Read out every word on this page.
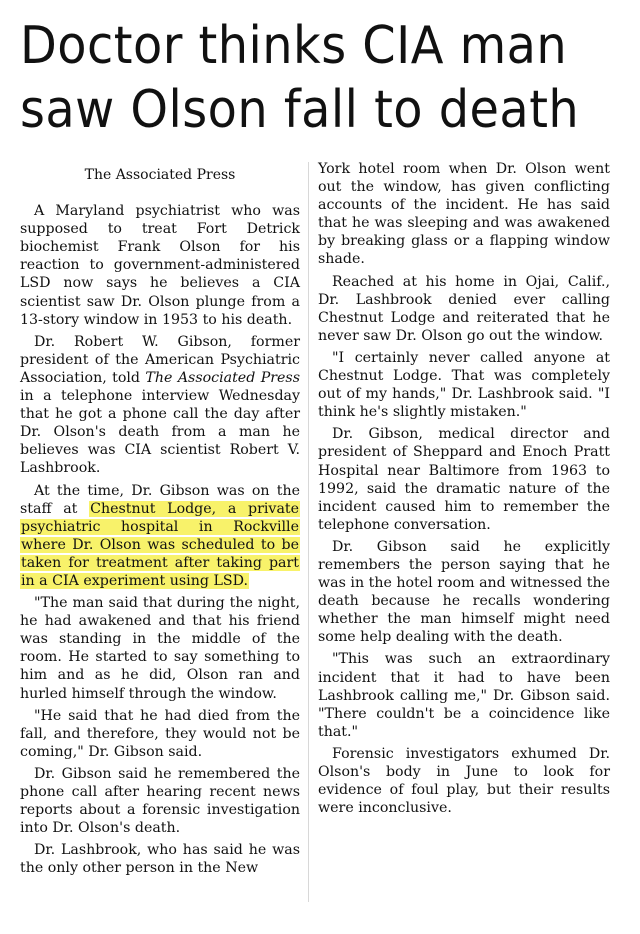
Doctor thinks CIA man
saw Olson fall to death
The Associated Press

A Maryland psychiatrist who was supposed to treat Fort Detrick biochemist Frank Olson for his reaction to government-administered LSD now says he believes a CIA scientist saw Dr. Olson plunge from a 13-story window in 1953 to his death.

Dr. Robert W. Gibson, former president of the American Psychiatric Association, told The Associated Press in a telephone interview Wednesday that he got a phone call the day after Dr. Olson's death from a man he believes was CIA scientist Robert V. Lashbrook.

At the time, Dr. Gibson was on the staff at Chestnut Lodge, a private psychiatric hospital in Rockville where Dr. Olson was scheduled to be taken for treatment after taking part in a CIA experiment using LSD.

"The man said that during the night, he had awakened and that his friend was standing in the middle of the room. He started to say something to him and as he did, Olson ran and hurled himself through the window.

"He said that he had died from the fall, and therefore, they would not be coming," Dr. Gibson said.

Dr. Gibson said he remembered the phone call after hearing recent news reports about a forensic investigation into Dr. Olson's death.

Dr. Lashbrook, who has said he was the only other person in the New

York hotel room when Dr. Olson went out the window, has given conflicting accounts of the incident. He has said that he was sleeping and was awakened by breaking glass or a flapping window shade.

Reached at his home in Ojai, Calif., Dr. Lashbrook denied ever calling Chestnut Lodge and reiterated that he never saw Dr. Olson go out the window.

"I certainly never called anyone at Chestnut Lodge. That was completely out of my hands," Dr. Lashbrook said. "I think he's slightly mistaken."

Dr. Gibson, medical director and president of Sheppard and Enoch Pratt Hospital near Baltimore from 1963 to 1992, said the dramatic nature of the incident caused him to remember the telephone conversation.

Dr. Gibson said he explicitly remembers the person saying that he was in the hotel room and witnessed the death because he recalls wondering whether the man himself might need some help dealing with the death.

"This was such an extraordinary incident that it had to have been Lashbrook calling me," Dr. Gibson said. "There couldn't be a coincidence like that."

Forensic investigators exhumed Dr. Olson's body in June to look for evidence of foul play, but their results were inconclusive.
